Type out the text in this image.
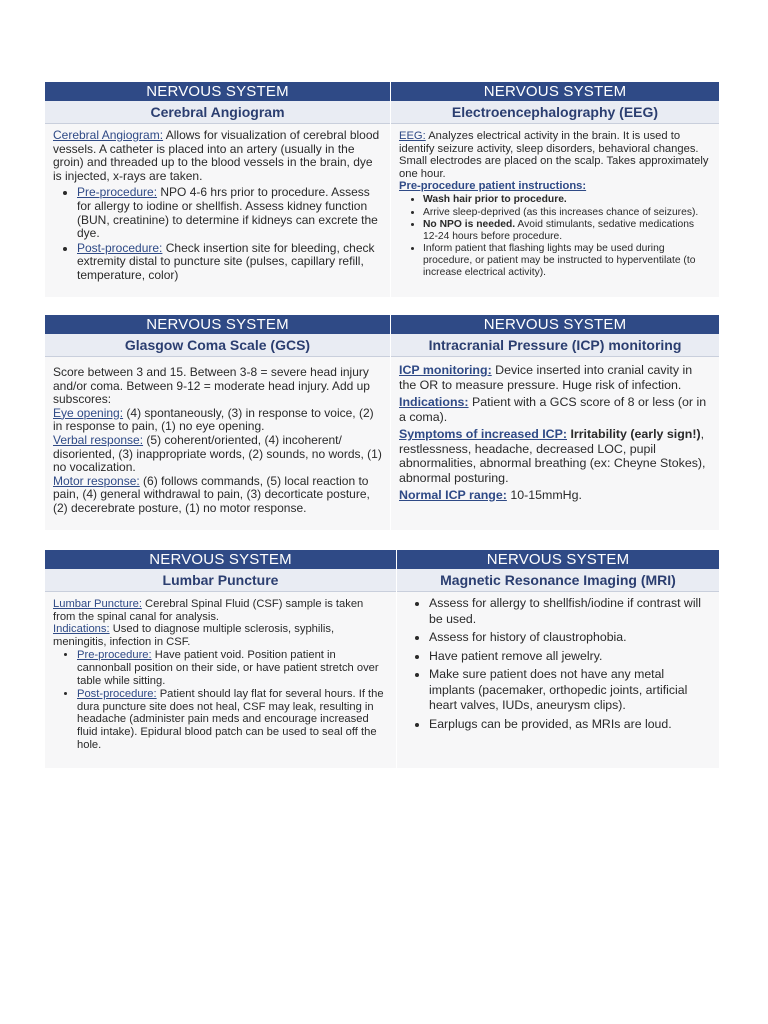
NERVOUS SYSTEM
Cerebral Angiogram

Cerebral Angiogram: Allows for visualization of cerebral blood vessels. A catheter is placed into an artery (usually in the groin) and threaded up to the blood vessels in the brain, dye is injected, x-rays are taken.

• Pre-procedure: NPO 4-6 hrs prior to procedure. Assess for allergy to iodine or shellfish. Assess kidney function (BUN, creatinine) to determine if kidneys can excrete the dye.
• Post-procedure: Check insertion site for bleeding, check extremity distal to puncture site (pulses, capillary refill, temperature, color)
NERVOUS SYSTEM
Electroencephalography (EEG)

EEG: Analyzes electrical activity in the brain. It is used to identify seizure activity, sleep disorders, behavioral changes. Small electrodes are placed on the scalp. Takes approximately one hour.

Pre-procedure patient instructions:

• Wash hair prior to procedure.
• Arrive sleep-deprived (as this increases chance of seizures).
• No NPO is needed. Avoid stimulants, sedative medications 12-24 hours before procedure.
• Inform patient that flashing lights may be used during procedure, or patient may be instructed to hyperventilate (to increase electrical activity).
NERVOUS SYSTEM
Glasgow Coma Scale (GCS)

Score between 3 and 15. Between 3-8 = severe head injury and/or coma. Between 9-12 = moderate head injury. Add up subscores:

Eye opening: (4) spontaneously, (3) in response to voice, (2) in response to pain, (1) no eye opening.

Verbal response: (5) coherent/oriented, (4) incoherent/ disoriented, (3) inappropriate words, (2) sounds, no words, (1) no vocalization.

Motor response: (6) follows commands, (5) local reaction to pain, (4) general withdrawal to pain, (3) decorticate posture, (2) decerebrate posture, (1) no motor response.

NERVOUS SYSTEM
Intracranial Pressure (ICP) monitoring

ICP monitoring: Device inserted into cranial cavity in the OR to measure pressure. Huge risk of infection.

Indications: Patient with a GCS score of 8 or less (or in a coma).

Symptoms of increased ICP: Irritability (early sign!), restlessness, headache, decreased LOC, pupil abnormalities, abnormal breathing (ex: Cheyne Stokes), abnormal posturing.

Normal ICP range: 10-15mmHg.

NERVOUS SYSTEM
Lumbar Puncture

Lumbar Puncture: Cerebral Spinal Fluid (CSF) sample is taken from the spinal canal for analysis.

Indications: Used to diagnose multiple sclerosis, syphilis, meningitis, infection in CSF.

• Pre-procedure: Have patient void. Position patient in cannonball position on their side, or have patient stretch over table while sitting.
• Post-procedure: Patient should lay flat for several hours. If the dura puncture site does not heal, CSF may leak, resulting in headache (administer pain meds and encourage increased fluid intake). Epidural blood patch can be used to seal off the hole.
NERVOUS SYSTEM
Magnetic Resonance Imaging (MRI)
• Assess for allergy to shellfish/iodine if contrast will be used.
• Assess for history of claustrophobia.
• Have patient remove all jewelry.
• Make sure patient does not have any metal implants (pacemaker, orthopedic joints, artificial heart valves, IUDs, aneurysm clips).
• Earplugs can be provided, as MRIs are loud.
